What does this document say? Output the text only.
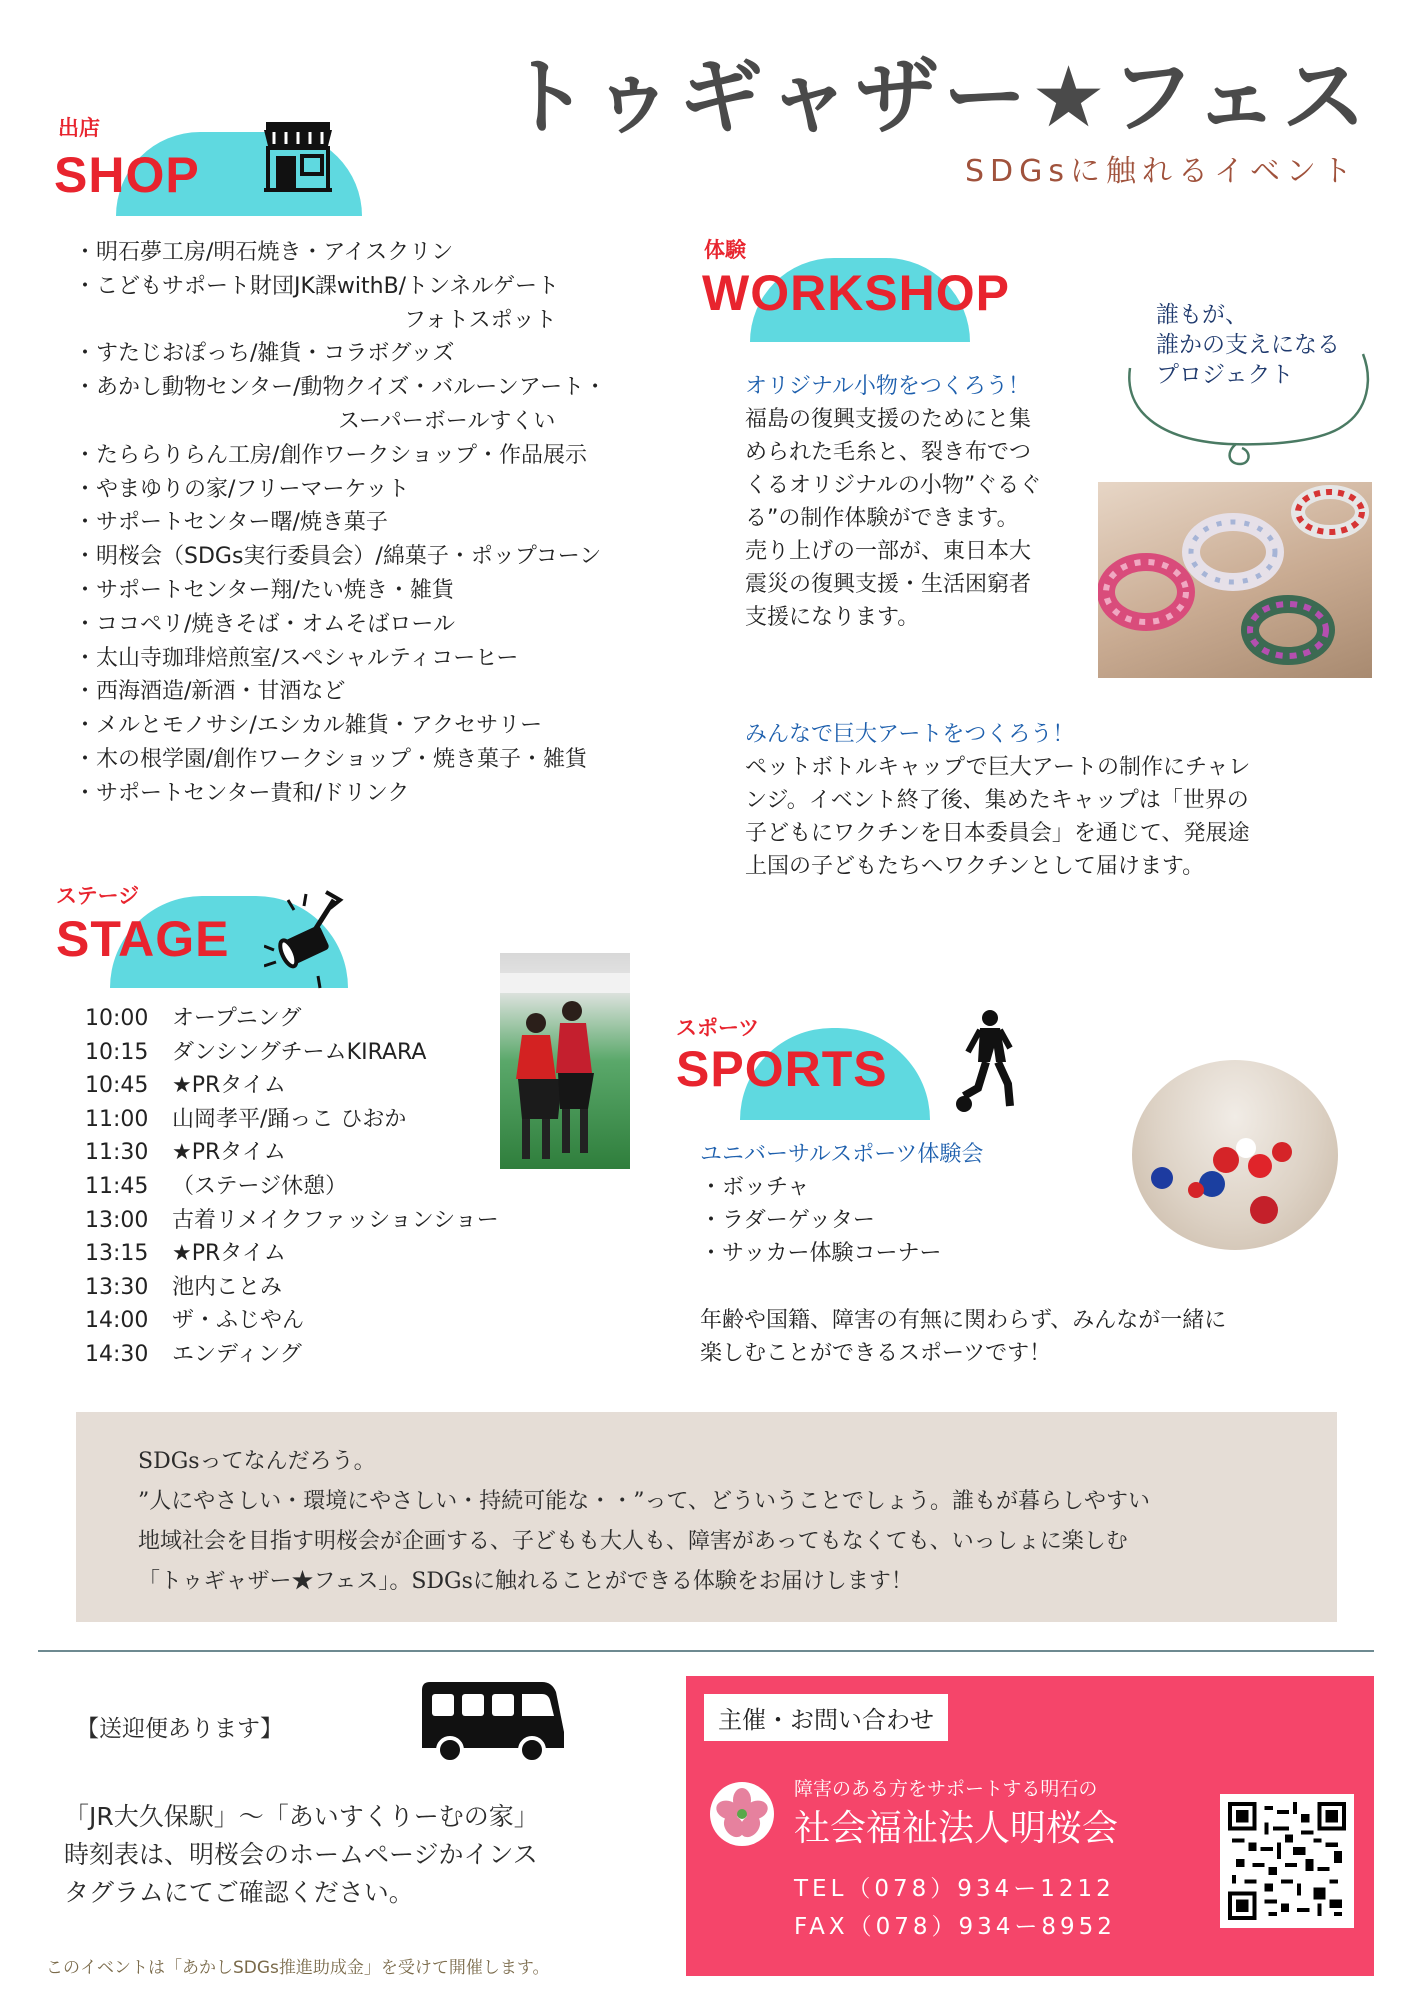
トゥギャザー★フェス
SDGsに触れるイベント
出店
SHOP
・明石夢工房/明石焼き・アイスクリン
・こどもサポート財団JK課withB/トンネルゲート
　　　　　　　　　　　　　　　フォトスポット
・すたじおぽっち/雑貨・コラボグッズ
・あかし動物センター/動物クイズ・バルーンアート・
　　　　　　　　　　　　スーパーボールすくい
・たららりらん工房/創作ワークショップ・作品展示
・やまゆりの家/フリーマーケット
・サポートセンター曙/焼き菓子
・明桜会（SDGs実行委員会）/綿菓子・ポップコーン
・サポートセンター翔/たい焼き・雑貨
・ココペリ/焼きそば・オムそばロール
・太山寺珈琲焙煎室/スペシャルティコーヒー
・西海酒造/新酒・甘酒など
・メルとモノサシ/エシカル雑貨・アクセサリー
・木の根学園/創作ワークショップ・焼き菓子・雑貨
・サポートセンター貴和/ドリンク
体験
WORKSHOP	誰もが、
誰かの支えになる
プロジェクト
オリジナル小物をつくろう！
福島の復興支援のためにと集
められた毛糸と、裂き布でつ
くるオリジナルの小物”ぐるぐ
る”の制作体験ができます。
売り上げの一部が、東日本大
震災の復興支援・生活困窮者
支援になります。
みんなで巨大アートをつくろう！
ペットボトルキャップで巨大アートの制作にチャレ
ンジ。イベント終了後、集めたキャップは「世界の
子どもにワクチンを日本委員会」を通じて、発展途
上国の子どもたちへワクチンとして届けます。
ステージ
STAGE
10:00	オープニング
10:15	ダンシングチームKIRARA
10:45	★PRタイム
11:00	山岡孝平/踊っこ ひおか
11:30	★PRタイム
11:45	（ステージ休憩）
13:00	古着リメイクファッションショー
13:15	★PRタイム
13:30	池内ことみ
14:00	ザ・ふじやん
14:30	エンディング
スポーツ
SPORTS
ユニバーサルスポーツ体験会
・ボッチャ
・ラダーゲッター
・サッカー体験コーナー
年齢や国籍、障害の有無に関わらず、みんなが一緒に
楽しむことができるスポーツです！
SDGsってなんだろう。
”人にやさしい・環境にやさしい・持続可能な・・”って、どういうことでしょう。誰もが暮らしやすい
地域社会を目指す明桜会が企画する、子どもも大人も、障害があってもなくても、いっしょに楽しむ
「トゥギャザー★フェス」。SDGsに触れることができる体験をお届けします！
【送迎便あります】
「JR大久保駅」〜「あいすくりーむの家」
時刻表は、明桜会のホームページかインス
タグラムにてご確認ください。
このイベントは「あかしSDGs推進助成金」を受けて開催します。
主催・お問い合わせ
障害のある方をサポートする明石の
社会福祉法人明桜会
TEL（078）934ー1212
FAX（078）934ー8952
